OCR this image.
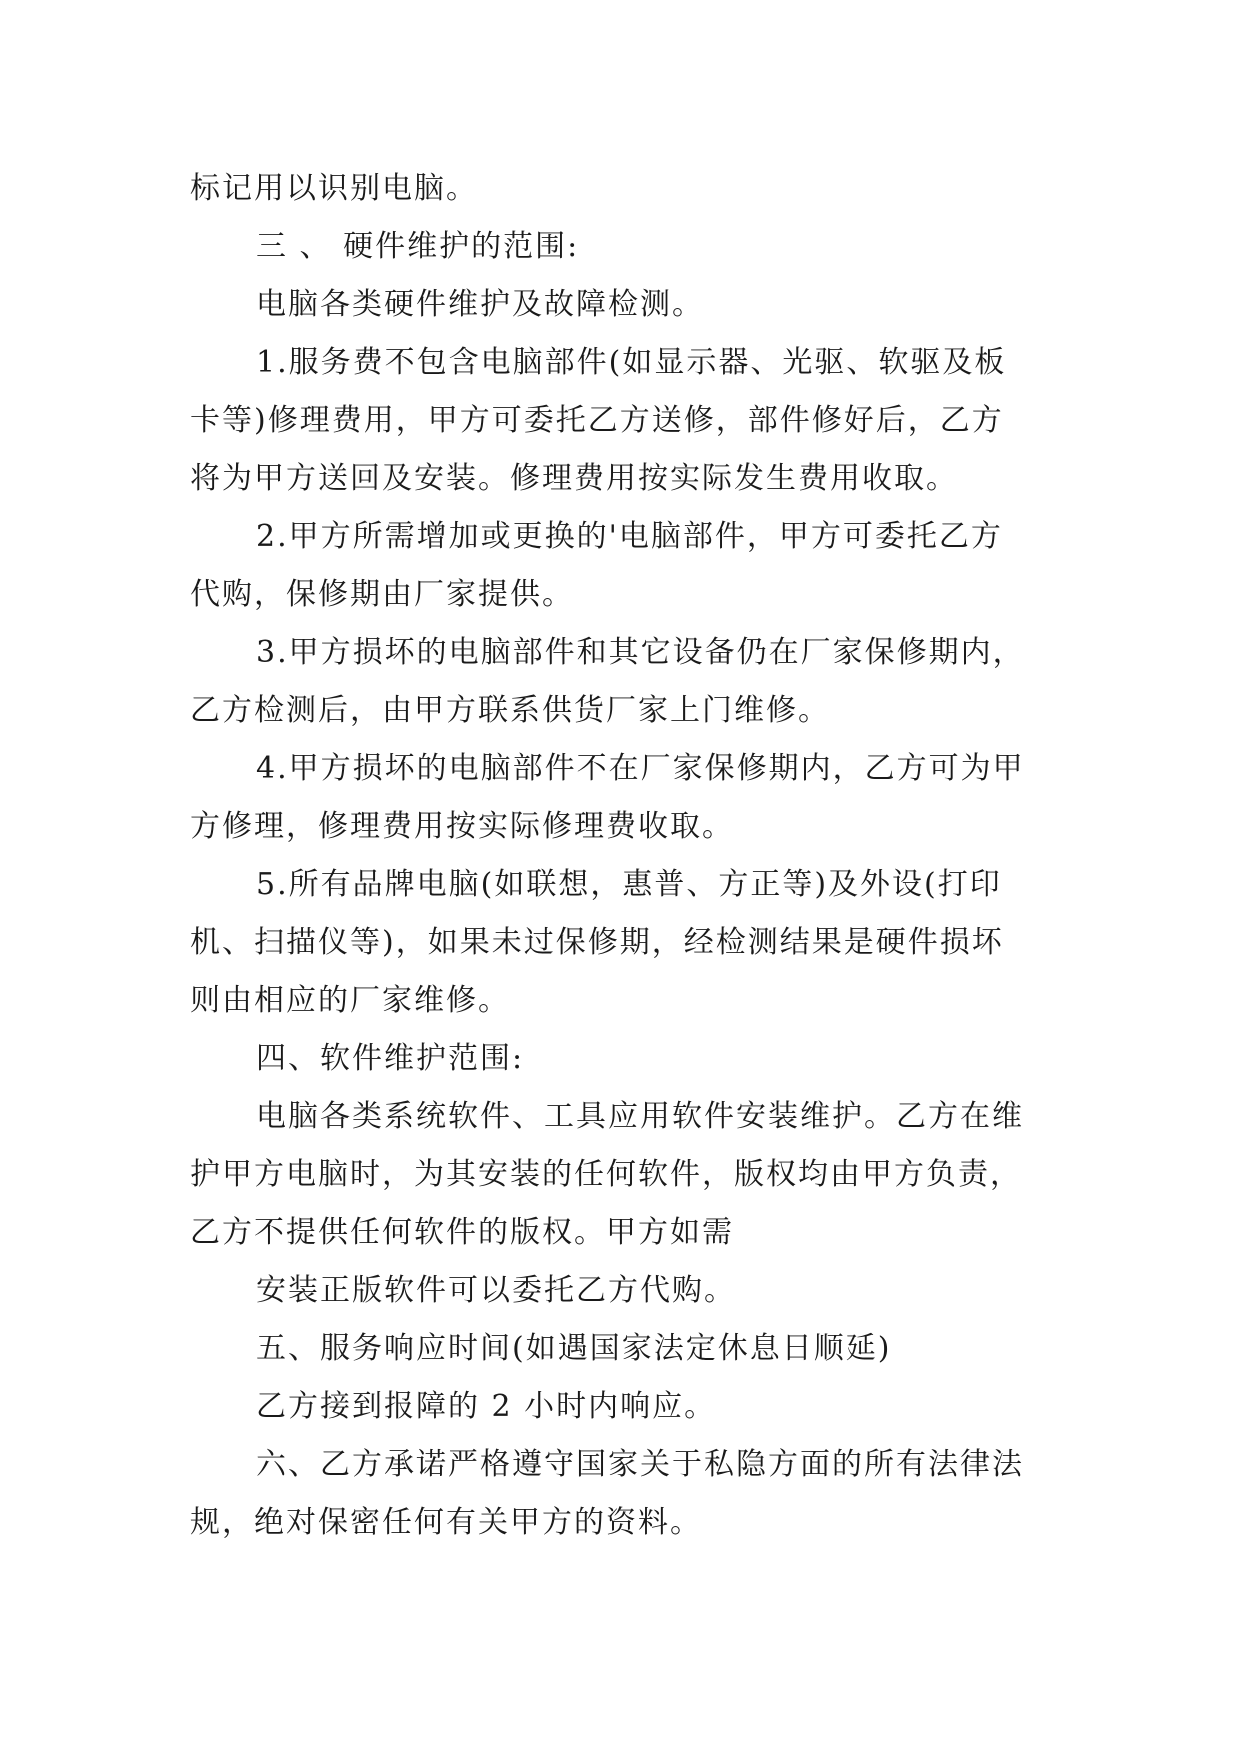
标记用以识别电脑。
三 、 硬件维护的范围:
电脑各类硬件维护及故障检测。
1.服务费不包含电脑部件(如显示器、光驱、软驱及板
卡等)修理费用，甲方可委托乙方送修，部件修好后，乙方
将为甲方送回及安装。修理费用按实际发生费用收取。
2.甲方所需增加或更换的'电脑部件，甲方可委托乙方
代购，保修期由厂家提供。
3.甲方损坏的电脑部件和其它设备仍在厂家保修期内，
乙方检测后，由甲方联系供货厂家上门维修。
4.甲方损坏的电脑部件不在厂家保修期内，乙方可为甲
方修理，修理费用按实际修理费收取。
5.所有品牌电脑(如联想，惠普、方正等)及外设(打印
机、扫描仪等)，如果未过保修期，经检测结果是硬件损坏
则由相应的厂家维修。
四、软件维护范围:
电脑各类系统软件、工具应用软件安装维护。乙方在维
护甲方电脑时，为其安装的任何软件，版权均由甲方负责，
乙方不提供任何软件的版权。甲方如需
安装正版软件可以委托乙方代购。
五、服务响应时间(如遇国家法定休息日顺延)
乙方接到报障的 2 小时内响应。
六、乙方承诺严格遵守国家关于私隐方面的所有法律法
规，绝对保密任何有关甲方的资料。
